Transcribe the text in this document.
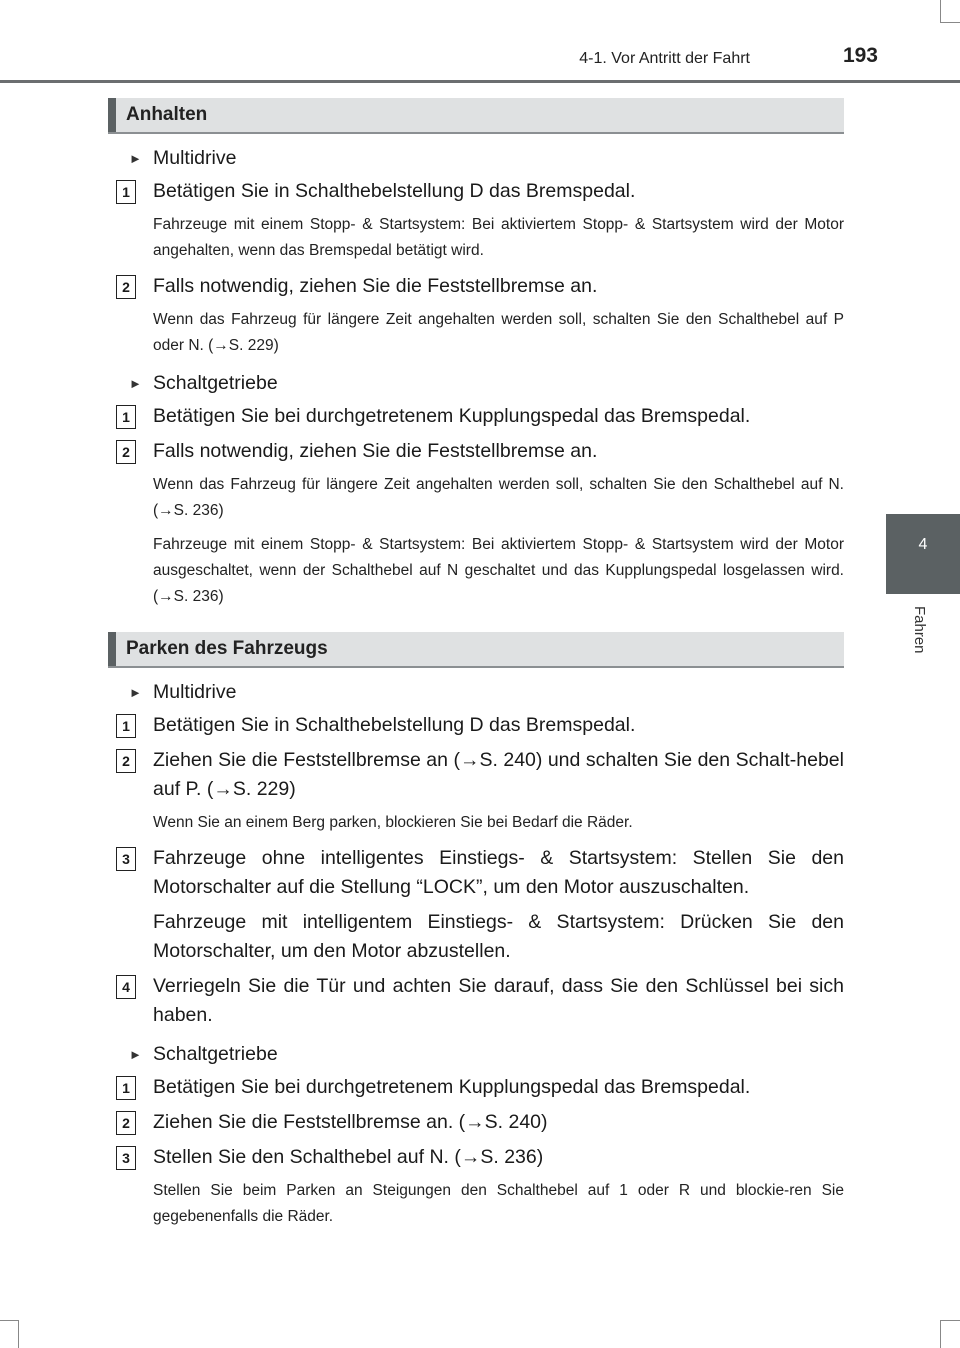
4-1. Vor Antritt der Fahrt	193
4
Fahren
Anhalten
► Multidrive
1	Betätigen Sie in Schalthebelstellung D das Bremspedal.
Fahrzeuge mit einem Stopp- & Startsystem: Bei aktiviertem Stopp- & Startsystem wird der Motor angehalten, wenn das Bremspedal betätigt wird.
2	Falls notwendig, ziehen Sie die Feststellbremse an.
Wenn das Fahrzeug für längere Zeit angehalten werden soll, schalten Sie den Schalthebel auf P oder N. (→S. 229)
► Schaltgetriebe
1	Betätigen Sie bei durchgetretenem Kupplungspedal das Bremspedal.
2	Falls notwendig, ziehen Sie die Feststellbremse an.
Wenn das Fahrzeug für längere Zeit angehalten werden soll, schalten Sie den Schalthebel auf N. (→S. 236)
Fahrzeuge mit einem Stopp- & Startsystem: Bei aktiviertem Stopp- & Startsystem wird der Motor ausgeschaltet, wenn der Schalthebel auf N geschaltet und das Kupplungspedal losgelassen wird. (→S. 236)
Parken des Fahrzeugs
► Multidrive
1	Betätigen Sie in Schalthebelstellung D das Bremspedal.
2	Ziehen Sie die Feststellbremse an (→S. 240) und schalten Sie den Schalt-hebel auf P. (→S. 229)
Wenn Sie an einem Berg parken, blockieren Sie bei Bedarf die Räder.
3	Fahrzeuge ohne intelligentes Einstiegs- & Startsystem: Stellen Sie den Motorschalter auf die Stellung “LOCK”, um den Motor auszuschalten.
Fahrzeuge mit intelligentem Einstiegs- & Startsystem: Drücken Sie den Motorschalter, um den Motor abzustellen.
4	Verriegeln Sie die Tür und achten Sie darauf, dass Sie den Schlüssel bei sich haben.
► Schaltgetriebe
1	Betätigen Sie bei durchgetretenem Kupplungspedal das Bremspedal.
2	Ziehen Sie die Feststellbremse an. (→S. 240)
3	Stellen Sie den Schalthebel auf N. (→S. 236)
Stellen Sie beim Parken an Steigungen den Schalthebel auf 1 oder R und blockie-ren Sie gegebenenfalls die Räder.
